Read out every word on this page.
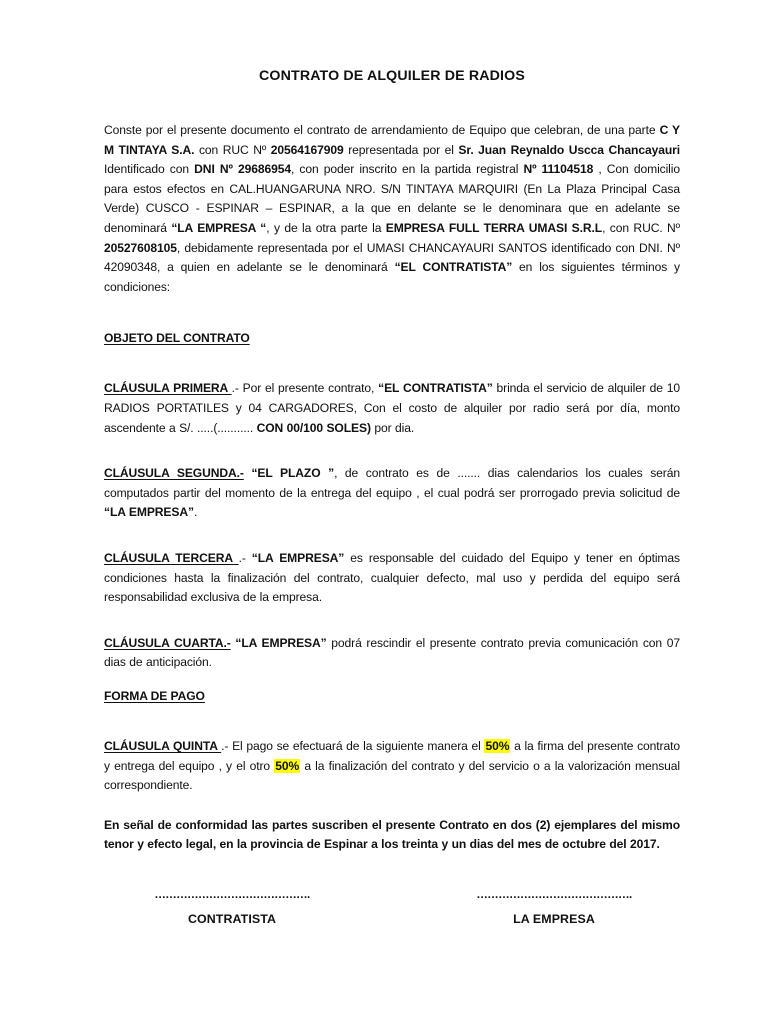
CONTRATO DE ALQUILER DE RADIOS

Conste por el presente documento el contrato de arrendamiento de Equipo que celebran, de una parte C Y M TINTAYA S.A. con RUC Nº 20564167909 representada por el Sr. Juan Reynaldo Uscca Chancayauri Identificado con DNI Nº 29686954, con poder inscrito en la partida registral Nº 11104518 , Con domicilio para estos efectos en CAL.HUANGARUNA NRO. S/N TINTAYA MARQUIRI (En La Plaza Principal Casa Verde) CUSCO - ESPINAR – ESPINAR, a la que en delante se le denominara que en adelante se denominará “LA EMPRESA “, y de la otra parte la EMPRESA FULL TERRA UMASI S.R.L, con RUC. Nº 20527608105, debidamente representada por el UMASI CHANCAYAURI SANTOS identificado con DNI. Nº 42090348, a quien en adelante se le denominará “EL CONTRATISTA” en los siguientes términos y condiciones:

OBJETO DEL CONTRATO

CLÁUSULA PRIMERA .- Por el presente contrato, “EL CONTRATISTA” brinda el servicio de alquiler de 10 RADIOS PORTATILES y 04 CARGADORES, Con el costo de alquiler por radio será por día, monto ascendente a S/. .....(........... CON 00/100 SOLES) por dia.

CLÁUSULA SEGUNDA.- “EL PLAZO ”, de contrato es de ....... dias calendarios los cuales serán computados partir del momento de la entrega del equipo , el cual podrá ser prorrogado previa solicitud de “LA EMPRESA”.

CLÁUSULA TERCERA .- “LA EMPRESA” es responsable del cuidado del Equipo y tener en óptimas condiciones hasta la finalización del contrato, cualquier defecto, mal uso y perdida del equipo será responsabilidad exclusiva de la empresa.

CLÁUSULA CUARTA.- “LA EMPRESA” podrá rescindir el presente contrato previa comunicación con 07 dias de anticipación.

FORMA DE PAGO

CLÁUSULA QUINTA .- El pago se efectuará de la siguiente manera el 50% a la firma del presente contrato y entrega del equipo , y el otro 50% a la finalización del contrato y del servicio o a la valorización mensual correspondiente.

En señal de conformidad las partes suscriben el presente Contrato en dos (2) ejemplares del mismo tenor y efecto legal, en la provincia de Espinar a los treinta y un dias del mes de octubre del 2017.

…………………………………….
CONTRATISTA
…………………………………….
LA EMPRESA
